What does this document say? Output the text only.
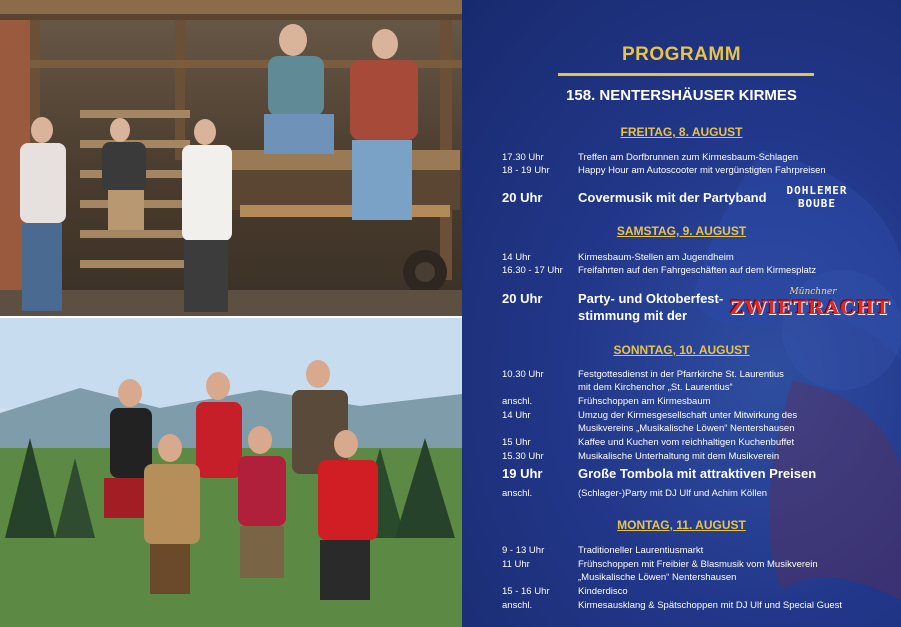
PROGRAMM
158. NENTERSHÄUSER KIRMES
FREITAG, 8. AUGUST
17.30 Uhr	Treffen am Dorfbrunnen zum Kirmesbaum-Schlagen
18 - 19 Uhr	Happy Hour am Autoscooter mit vergünstigten Fahrpreisen
20 Uhr	Covermusik mit der Partyband	DOHLEMER BOUBE
SAMSTAG, 9. AUGUST
14 Uhr	Kirmesbaum-Stellen am Jugendheim
16.30 - 17 Uhr Freifahrten auf den Fahrgeschäften auf dem Kirmesplatz
20 Uhr	Party- und Oktoberfest-
stimmung mit der
Münchner
ZWIETRACHT
SONNTAG, 10. AUGUST
10.30 Uhr	Festgottesdienst in der Pfarrkirche St. Laurentius
mit dem Kirchenchor „St. Laurentius“
anschl.	Frühschoppen am Kirmesbaum
14 Uhr	Umzug der Kirmesgesellschaft unter Mitwirkung des
Musikvereins „Musikalische Löwen“ Nentershausen
15 Uhr	Kaffee und Kuchen vom reichhaltigen Kuchenbuffet
15.30 Uhr	Musikalische Unterhaltung mit dem Musikverein
19 Uhr	Große Tombola mit attraktiven Preisen
anschl.	(Schlager-)Party mit DJ Ulf und Achim Köllen
MONTAG, 11. AUGUST
9 - 13 Uhr	Traditioneller Laurentiusmarkt
11 Uhr	Frühschoppen mit Freibier & Blasmusik vom Musikverein
„Musikalische Löwen“ Nentershausen
15 - 16 Uhr	Kinderdisco
anschl.	Kirmesausklang & Spätschoppen mit DJ Ulf und Special Guest
